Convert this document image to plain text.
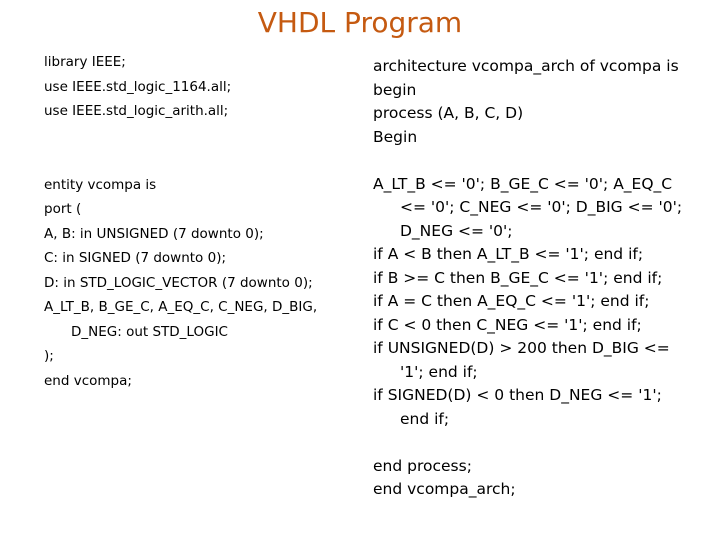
VHDL Program
library IEEE;
use IEEE.std_logic_1164.all;
use IEEE.std_logic_arith.all;
entity vcompa is
port (
A, B: in UNSIGNED (7 downto 0);
C: in SIGNED (7 downto 0);
D: in STD_LOGIC_VECTOR (7 downto 0);
A_LT_B, B_GE_C, A_EQ_C, C_NEG, D_BIG, D_NEG: out STD_LOGIC
);
end vcompa;
architecture vcompa_arch of vcompa is
begin
process (A, B, C, D)
Begin
A_LT_B <= '0'; B_GE_C <= '0'; A_EQ_C <= '0'; C_NEG <= '0'; D_BIG <= '0'; D_NEG <= '0';
if A < B then A_LT_B <= '1'; end if;
if B >= C then B_GE_C <= '1'; end if;
if A = C then A_EQ_C <= '1'; end if;
if C < 0 then C_NEG <= '1'; end if;
if UNSIGNED(D) > 200 then D_BIG <= '1'; end if;
if SIGNED(D) < 0 then D_NEG <= '1'; end if;
end process;
end vcompa_arch;
